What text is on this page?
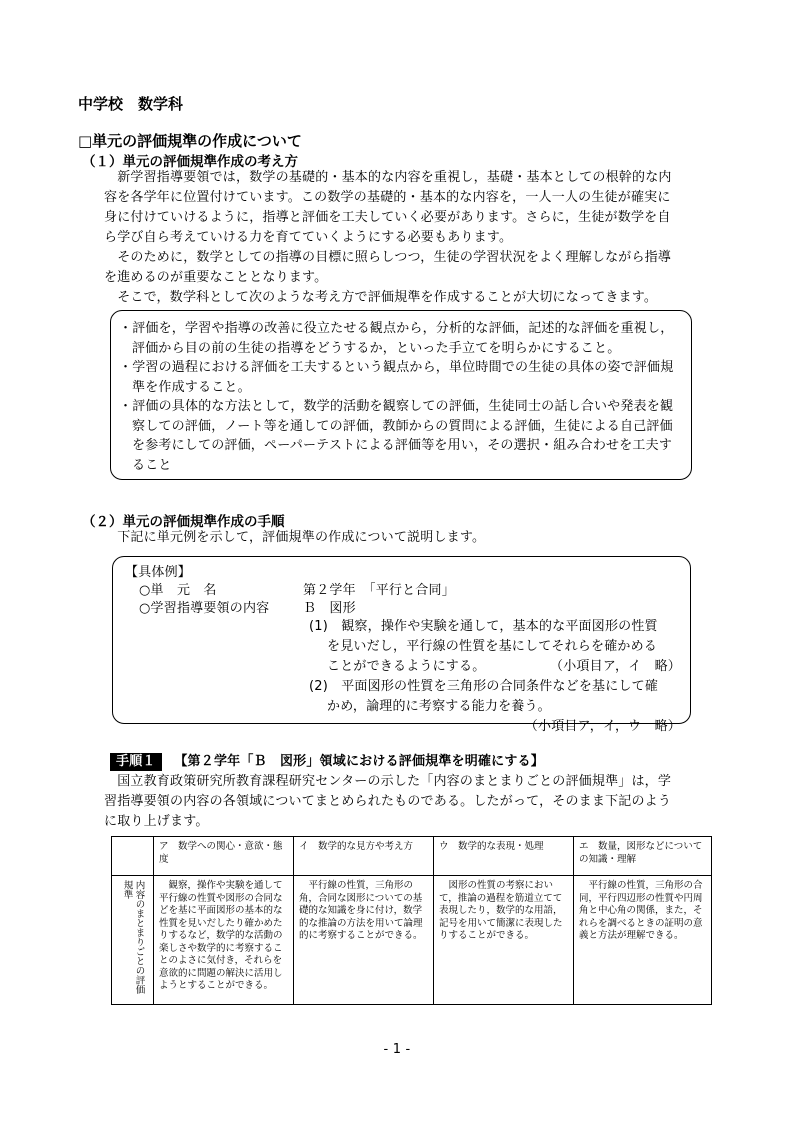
中学校　数学科
□単元の評価規準の作成について
（１）単元の評価規準作成の考え方
　新学習指導要領では，数学の基礎的・基本的な内容を重視し，基礎・基本としての根幹的な内
容を各学年に位置付けています。この数学の基礎的・基本的な内容を，一人一人の生徒が確実に
身に付けていけるように，指導と評価を工夫していく必要があります。さらに，生徒が数学を自
ら学び自ら考えていける力を育てていくようにする必要もあります。
　そのために，数学としての指導の目標に照らしつつ，生徒の学習状況をよく理解しながら指導
を進めるのが重要なこととなります。
　そこで，数学科として次のような考え方で評価規準を作成することが大切になってきます。

・評価を，学習や指導の改善に役立たせる観点から，分析的な評価，記述的な評価を重視し，評価から目の前の生徒の指導をどうするか，といった手立てを明らかにすること。

・学習の過程における評価を工夫するという観点から，単位時間での生徒の具体の姿で評価規準を作成すること。

・評価の具体的な方法として，数学的活動を観察しての評価，生徒同士の話し合いや発表を観察しての評価，ノート等を通しての評価，教師からの質問による評価，生徒による自己評価を参考にしての評価，ペーパーテストによる評価等を用い，その選択・組み合わせを工夫すること

（２）単元の評価規準作成の手順
　下記に単元例を示して，評価規準の作成について説明します。
【具体例】
○単　元　名	第２学年　「平行と合同」
○学習指導要領の内容	Ｂ　図形
(1)　観察，操作や実験を通して，基本的な平面図形の性質
を見いだし，平行線の性質を基にしてそれらを確かめる
ことができるようにする。	（小項目ア，イ　略）
(2)　平面図形の性質を三角形の合同条件などを基にして確
かめ，論理的に考察する能力を養う。
（小項目ア，イ，ウ　略）
手順１ 【第２学年「Ｂ　図形」領域における評価規準を明確にする】
　国立教育政策研究所教育課程研究センターの示した「内容のまとまりごとの評価規準」は，学
習指導要領の内容の各領域についてまとめられたものである。したがって，そのまま下記のよう
に取り上げます。
	ア　数学への関心・意欲・態度	イ　数学的な見方や考え方	ウ　数学的な表現・処理	エ　数量，図形などについての知識・理解

内容のまとまりごとの評価規準	観察，操作や実験を通して平行線の性質や図形の合同などを基に平面図形の基本的な性質を見いだしたり確かめたりするなど，数学的な活動の楽しさや数学的に考察することのよさに気付き，それらを意欲的に問題の解決に活用しようとすることができる。	平行線の性質，三角形の角，合同な図形についての基礎的な知識を身に付け，数学的な推論の方法を用いて論理的に考察することができる。	図形の性質の考察において，推論の過程を筋道立てて表現したり，数学的な用語，記号を用いて簡潔に表現したりすることができる。	平行線の性質，三角形の合同，平行四辺形の性質や円周角と中心角の関係，また，それらを調べるときの証明の意義と方法が理解できる。
- 1 -
